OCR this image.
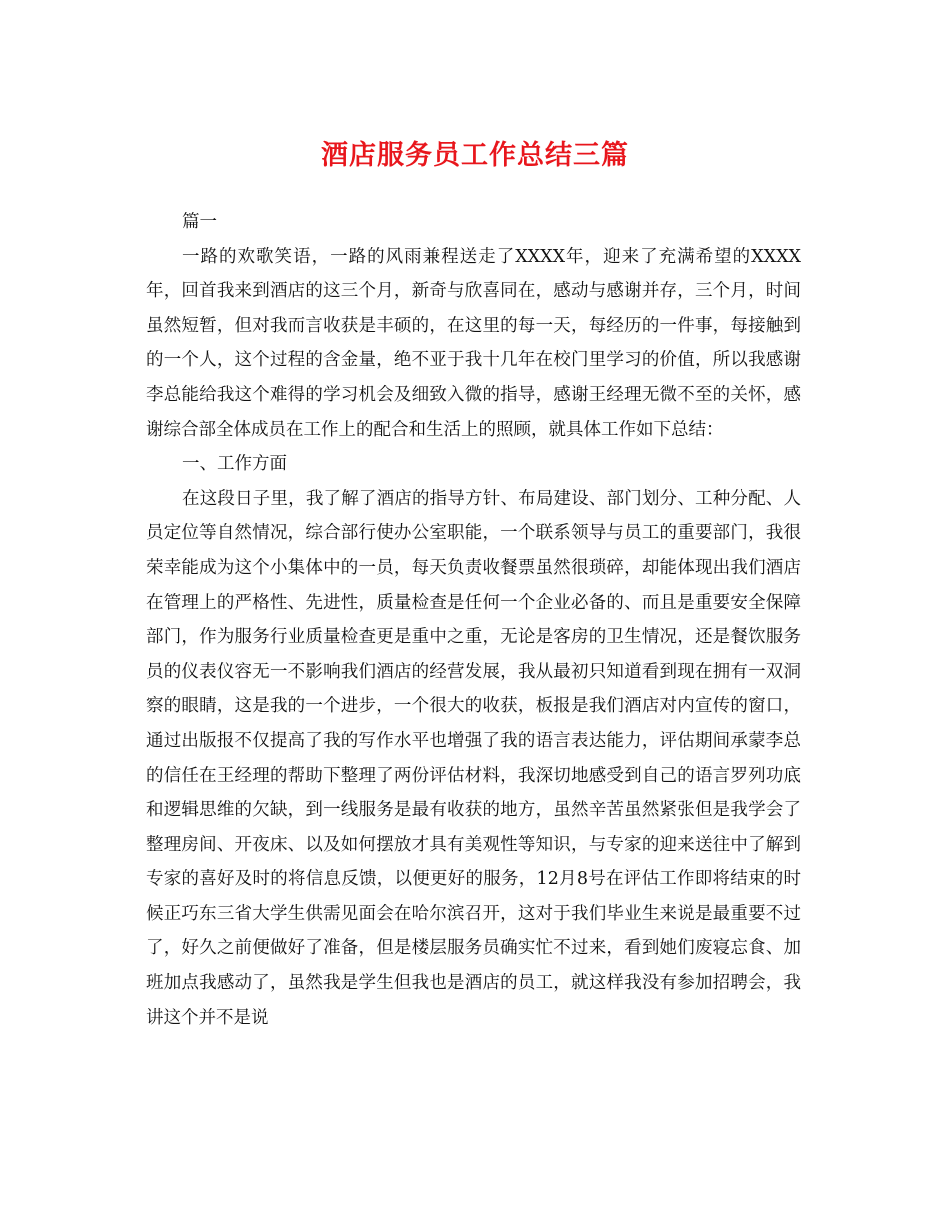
酒店服务员工作总结三篇

篇一

一路的欢歌笑语，一路的风雨兼程送走了XXXX年，迎来了充满希望的XXXX年，回首我来到酒店的这三个月，新奇与欣喜同在，感动与感谢并存，三个月，时间虽然短暂，但对我而言收获是丰硕的，在这里的每一天，每经历的一件事，每接触到的一个人，这个过程的含金量，绝不亚于我十几年在校门里学习的价值，所以我感谢李总能给我这个难得的学习机会及细致入微的指导，感谢王经理无微不至的关怀，感谢综合部全体成员在工作上的配合和生活上的照顾，就具体工作如下总结：

一、工作方面

在这段日子里，我了解了酒店的指导方针、布局建设、部门划分、工种分配、人员定位等自然情况，综合部行使办公室职能，一个联系领导与员工的重要部门，我很荣幸能成为这个小集体中的一员，每天负责收餐票虽然很琐碎，却能体现出我们酒店在管理上的严格性、先进性，质量检查是任何一个企业必备的、而且是重要安全保障部门，作为服务行业质量检查更是重中之重，无论是客房的卫生情况，还是餐饮服务员的仪表仪容无一不影响我们酒店的经营发展，我从最初只知道看到现在拥有一双洞察的眼睛，这是我的一个进步，一个很大的收获，板报是我们酒店对内宣传的窗口，通过出版报不仅提高了我的写作水平也增强了我的语言表达能力，评估期间承蒙李总的信任在王经理的帮助下整理了两份评估材料，我深切地感受到自己的语言罗列功底和逻辑思维的欠缺，到一线服务是最有收获的地方，虽然辛苦虽然紧张但是我学会了整理房间、开夜床、以及如何摆放才具有美观性等知识，与专家的迎来送往中了解到专家的喜好及时的将信息反馈，以便更好的服务，12月8号在评估工作即将结束的时候正巧东三省大学生供需见面会在哈尔滨召开，这对于我们毕业生来说是最重要不过了，好久之前便做好了准备，但是楼层服务员确实忙不过来，看到她们废寝忘食、加班加点我感动了，虽然我是学生但我也是酒店的员工，就这样我没有参加招聘会，我讲这个并不是说
